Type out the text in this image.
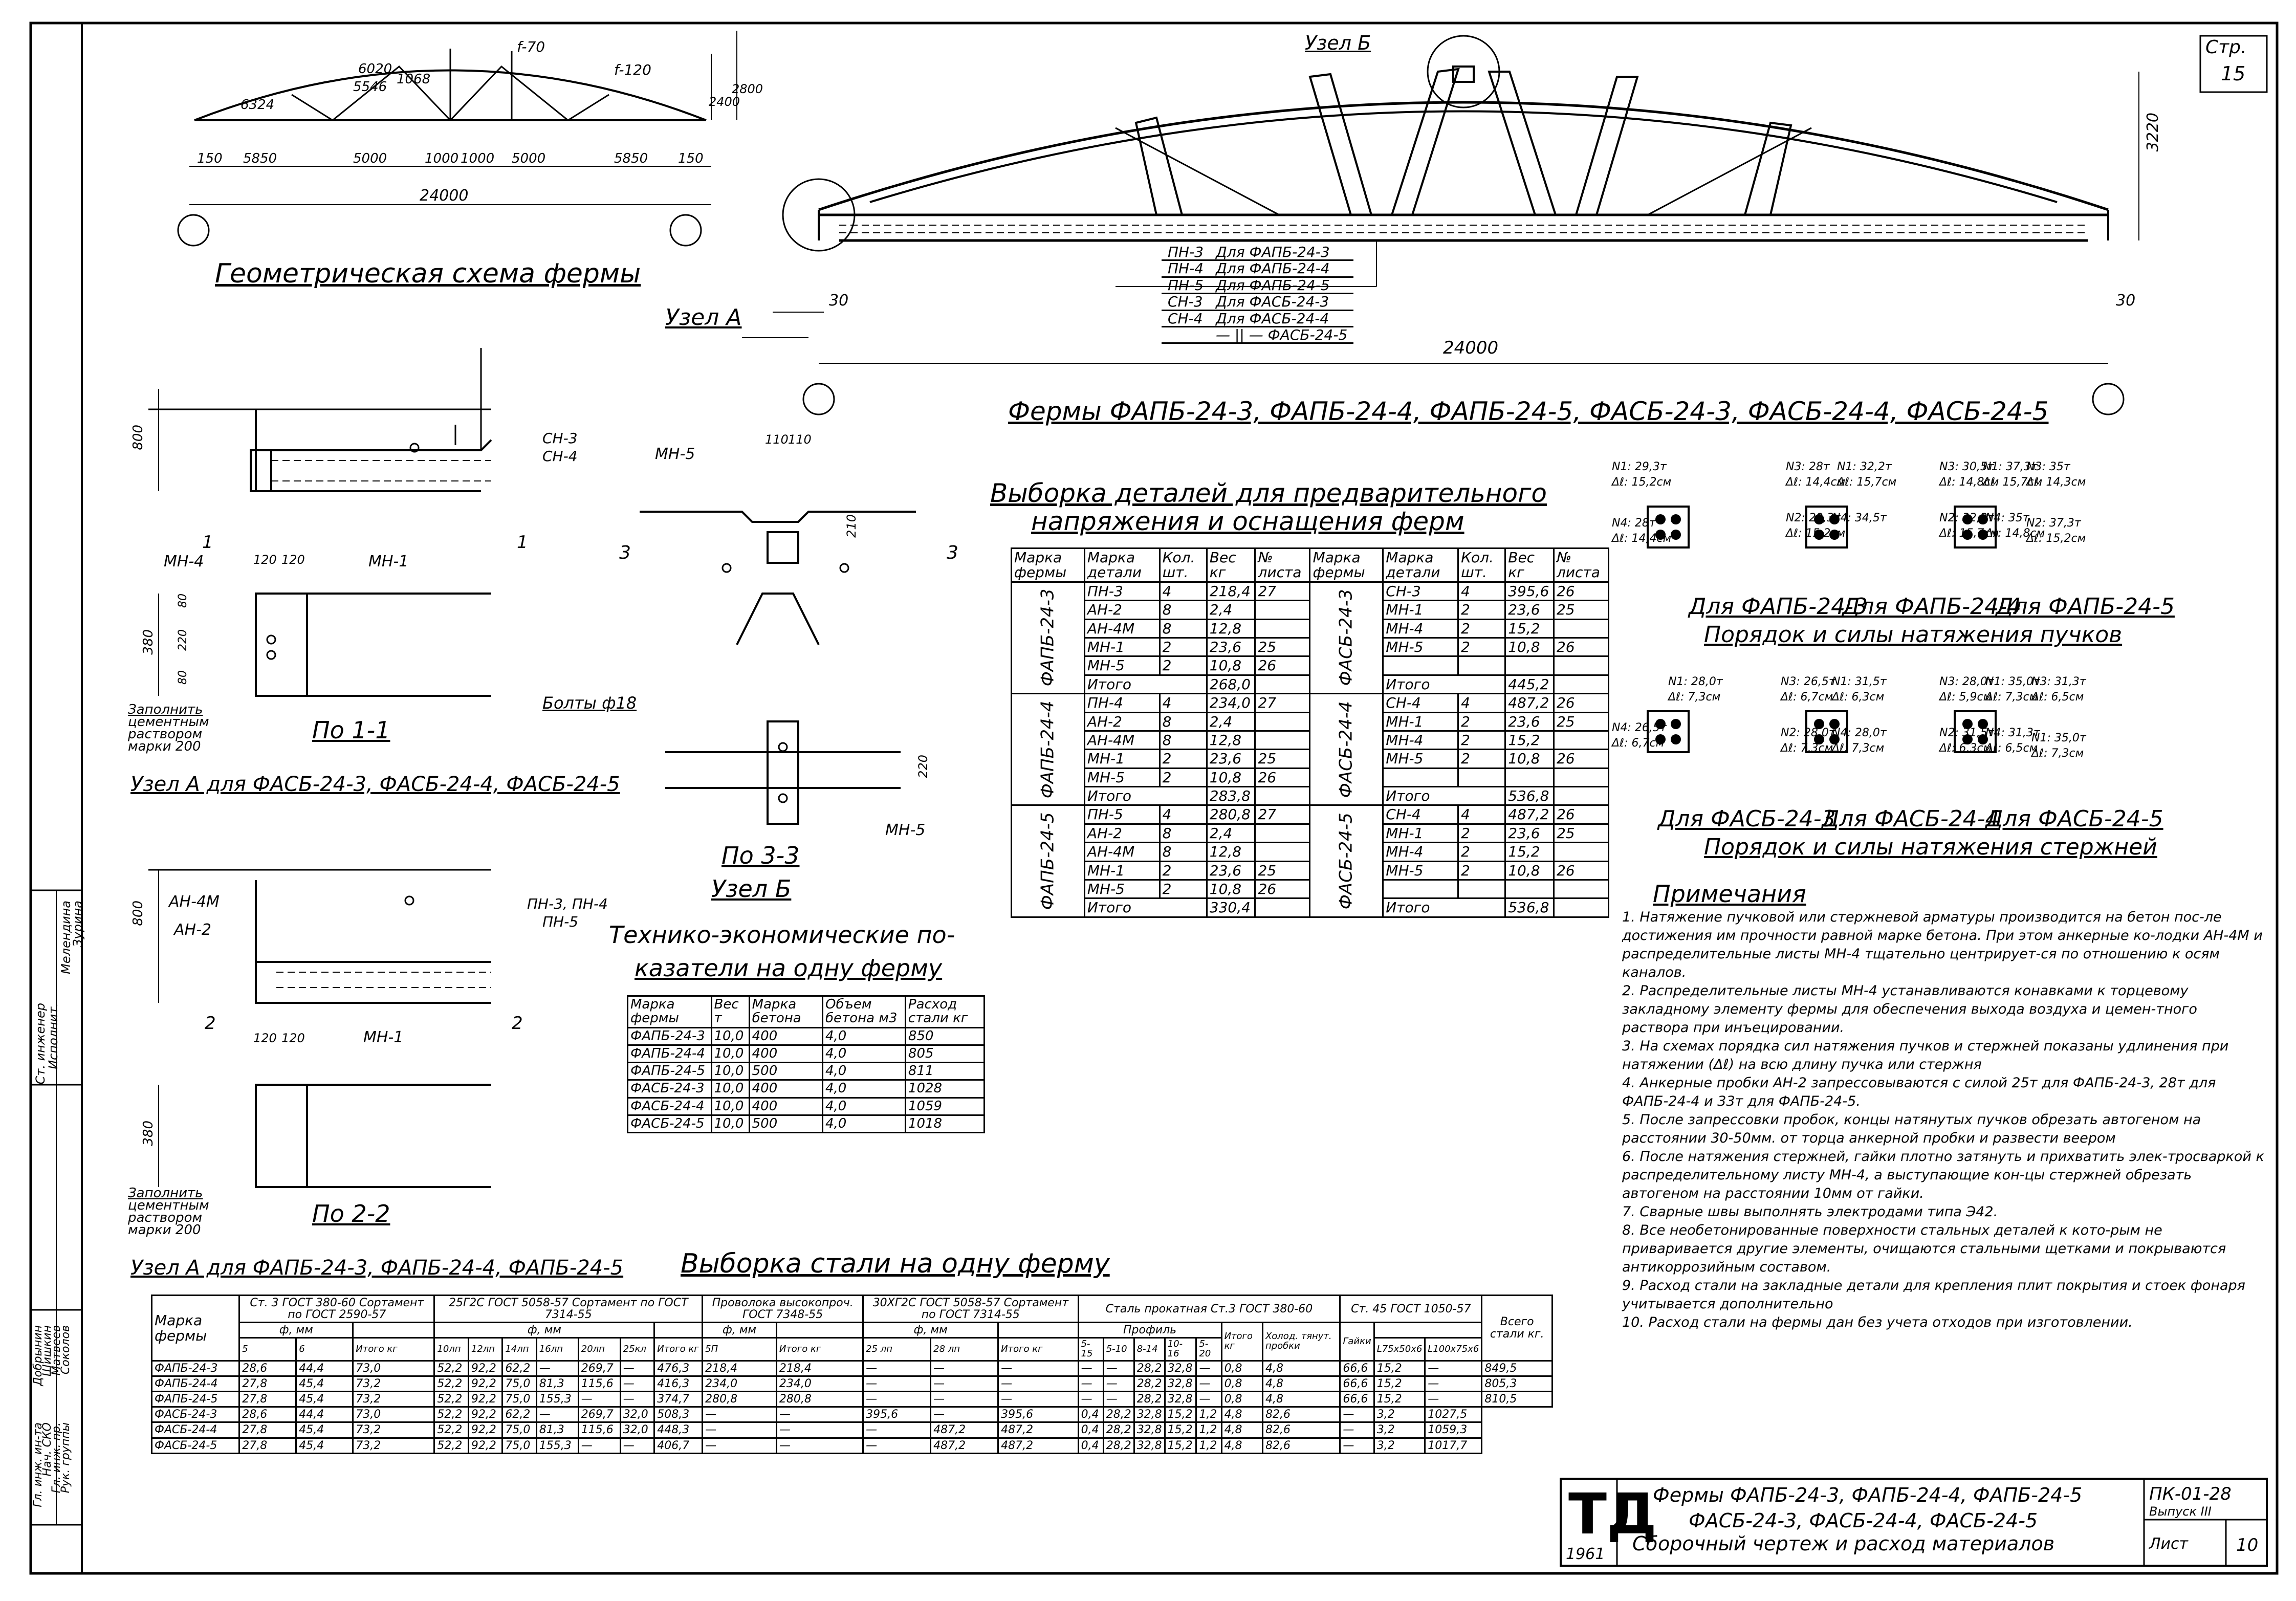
Стр.
15
Геометрическая схема фермы
6324
6020
5546 1068
150 5850	5000	1000 1000 5000	5850 150
24000
2400
2800
f-70
f-120
Узел Б
Узел А
24000
3220
30	30
Фермы ФАПБ-24-3, ФАПБ-24-4, ФАПБ-24-5, ФАСБ-24-3, ФАСБ-24-4, ФАСБ-24-5
ПН-3	Для ФАПБ-24-3
ПН-4	Для ФАПБ-24-4
ПН-5	Для ФАПБ-24-5
СН-3	Для ФАСБ-24-3
СН-4	Для ФАСБ-24-4
	— || — ФАСБ-24-5
СН-3
СН-4
МН-4	МН-1
120 120
800
380
80
220
80
1	1
По 1-1
Узел А для ФАСБ-24-3, ФАСБ-24-4, ФАСБ-24-5
Заполнить
цементным
раствором
марки 200
АН-4М
АН-2
ПН-3, ПН-4
ПН-5
МН-1
120 120
800
380
2	2
По 2-2
Узел А для ФАПБ-24-3, ФАПБ-24-4, ФАПБ-24-5
Заполнить
цементным
раствором
марки 200
МН-5
110 110
210
3	3
Болты ф18
МН-5
220
По 3-3
Узел Б
Технико-экономические по-
казатели на одну ферму
Марка фермы	Вес т	Марка бетона	Объем бетона м3	Расход стали кг
ФАПБ-24-3	10,0	400	4,0	850
ФАПБ-24-4	10,0	400	4,0	805
ФАПБ-24-5	10,0	500	4,0	811
ФАСБ-24-3	10,0	400	4,0	1028
ФАСБ-24-4	10,0	400	4,0	1059
ФАСБ-24-5	10,0	500	4,0	1018
Выборка деталей для предварительного
напряжения и оснащения ферм
Марка фермы	Марка детали	Кол. шт.	Вес кг	№ листа	Марка фермы	Марка детали	Кол. шт.	Вес кг	№ листа
ФАПБ-24-3	ПН-3	4	218,4	27	ФАСБ-24-3	СН-3	4	395,6	26
	АН-2	8	2,4			МН-1	2	23,6	25
	АН-4М	8	12,8			МН-4	2	15,2	
	МН-1	2	23,6	25		МН-5	2	10,8	26
	МН-5	2	10,8	26					
	Итого		268,0			Итого		445,2	
ФАПБ-24-4	ПН-4	4	234,0	27	ФАСБ-24-4	СН-4	4	487,2	26
	АН-2	8	2,4			МН-1	2	23,6	25
	АН-4М	8	12,8			МН-4	2	15,2	
	МН-1	2	23,6	25		МН-5	2	10,8	26
	МН-5	2	10,8	26					
	Итого		283,8			Итого		536,8	
ФАПБ-24-5	ПН-5	4	280,8	27	ФАСБ-24-5	СН-4	4	487,2	26
	АН-2	8	2,4			МН-1	2	23,6	25
	АН-4М	8	12,8			МН-4	2	15,2	
	МН-1	2	23,6	25		МН-5	2	10,8	26
	МН-5	2	10,8	26					
	Итого		330,4			Итого		536,8	
N1: 29,3т
Δℓ: 15,2см
N4: 28т
Δℓ: 14,4см
N3: 28т N1: 32,2т
Δℓ: 14,4см
Δℓ: 15,7см
N2: 29,3т
N4: 34,5т
Δℓ: 15,2см
N3: 30,5т
N1: 37,3т
Δℓ: 14,8см
Δℓ: 15,7см
N2: 32,2т
N4: 35т
Δℓ: 15,7см
Δℓ: 14,8см
N3: 35т
Δℓ: 14,3см
N2: 37,3т
Δℓ: 15,2см
Для ФАПБ-24-3
Для ФАПБ-24-4
Для ФАПБ-24-5
Порядок и силы натяжения пучков
N1: 28,0т
Δℓ: 7,3см
N3: 26,5т
N1: 31,5т
Δℓ: 6,7см
Δℓ: 6,3см
N3: 28,0т
N1: 35,0т
Δℓ: 5,9см
Δℓ: 7,3см
N3: 31,3т
Δℓ: 6,5см
N4: 26,5т
Δℓ: 6,7см
N2: 28,0т
N4: 28,0т
Δℓ: 7,3см
Δℓ: 7,3см
N2: 31,5т
N4: 31,3т
Δℓ: 6,3см
Δℓ: 6,5см
N1: 35,0т
Δℓ: 7,3см
Для ФАСБ-24-3
Для ФАСБ-24-4
Для ФАСБ-24-5
Порядок и силы натяжения стержней
Примечания
1. Натяжение пучковой или стержневой арматуры производится на бетон пос-ле достижения им прочности равной марке бетона. При этом анкерные ко-лодки АН-4М и распределительные листы МН-4 тщательно центрирует-ся по отношению к осям каналов.
2. Распределительные листы МН-4 устанавливаются конавками к торцевому закладному элементу фермы для обеспечения выхода воздуха и цемен-тного раствора при инъецировании.
3. На схемах порядка сил натяжения пучков и стержней показаны удлинения при натяжении (Δℓ) на всю длину пучка или стержня
4. Анкерные пробки АН-2 запрессовываются с силой 25т для ФАПБ-24-3, 28т для ФАПБ-24-4 и 33т для ФАПБ-24-5.
5. После запрессовки пробок, концы натянутых пучков обрезать автогеном на расстоянии 30-50мм. от торца анкерной пробки и развести веером
6. После натяжения стержней, гайки плотно затянуть и прихватить элек-тросваркой к распределительному листу МН-4, а выступающие кон-цы стержней обрезать автогеном на расстоянии 10мм от гайки.
7. Сварные швы выполнять электродами типа Э42.
8. Все необетонированные поверхности стальных деталей к кото-рым не приваривается другие элементы, очищаются стальными щетками и покрываются антикоррозийным составом.
9. Расход стали на закладные детали для крепления плит покрытия и стоек фонаря учитывается дополнительно
10. Расход стали на фермы дан без учета отходов при изготовлении.
Выборка стали на одну ферму
Марка фермы	Ст. 3 ГОСТ 380-60 Сортамент по ГОСТ 2590-57			25Г2С ГОСТ 5058-57 Сортамент по ГОСТ 7314-55							Проволока высокопроч. ГОСТ 7348-55		30ХГ2С ГОСТ 5058-57 Сортамент по ГОСТ 7314-55			Сталь прокатная Ст.3 ГОСТ 380-60							Ст. 45 ГОСТ 1050-57			Всего стали кг.
	ф, мм			ф, мм							ф, мм		ф, мм			Профиль					Итого кг	Холод. тянут. пробки	Гайки			
	5	6	Итого кг	10лп	12лп	14лп	16лп	20лп	25кл	Итого кг	5П	Итого кг	25 лп	28 лп	Итого кг	5-15	5-10	8-14	10-16	5-20				L75x50x6	L100x75x6	
ФАПБ-24-3	28,6	44,4	73,0	52,2	92,2	62,2	—	269,7	—	476,3	218,4	218,4	—	—	—	—	—	28,2	32,8	—	0,8	4,8	66,6	15,2	—	849,5
ФАПБ-24-4	27,8	45,4	73,2	52,2	92,2	75,0	81,3	115,6	—	416,3	234,0	234,0	—	—	—	—	—	28,2	32,8	—	0,8	4,8	66,6	15,2	—	805,3
ФАПБ-24-5	27,8	45,4	73,2	52,2	92,2	75,0	155,3	—	—	374,7	280,8	280,8	—	—	—	—	—	28,2	32,8	—	0,8	4,8	66,6	15,2	—	810,5
ФАСБ-24-3	28,6	44,4	73,0	52,2	92,2	62,2	—	269,7	32,0	508,3	—	—	395,6	—	395,6	0,4	28,2	32,8	15,2	1,2	4,8	82,6	—	3,2	1027,5	
ФАСБ-24-4	27,8	45,4	73,2	52,2	92,2	75,0	81,3	115,6	32,0	448,3	—	—	—	487,2	487,2	0,4	28,2	32,8	15,2	1,2	4,8	82,6	—	3,2	1059,3	
ФАСБ-24-5	27,8	45,4	73,2	52,2	92,2	75,0	155,3	—	—	406,7	—	—	—	487,2	487,2	0,4	28,2	32,8	15,2	1,2	4,8	82,6	—	3,2	1017,7	
ТД
1961
Фермы ФАПБ-24-3, ФАПБ-24-4, ФАПБ-24-5
ФАСБ-24-3, ФАСБ-24-4, ФАСБ-24-5
Сборочный чертеж и расход материалов
ПК-01-28
Выпуск III
Лист	10
Ст. инженер
Исполнит.
Мелендина
Зурина
Гл. инж. ин-та
Нач. СКО
Гл. инж. пр.
Рук. группы
Добрынин
Шишкин
Матвеев
Соколов
